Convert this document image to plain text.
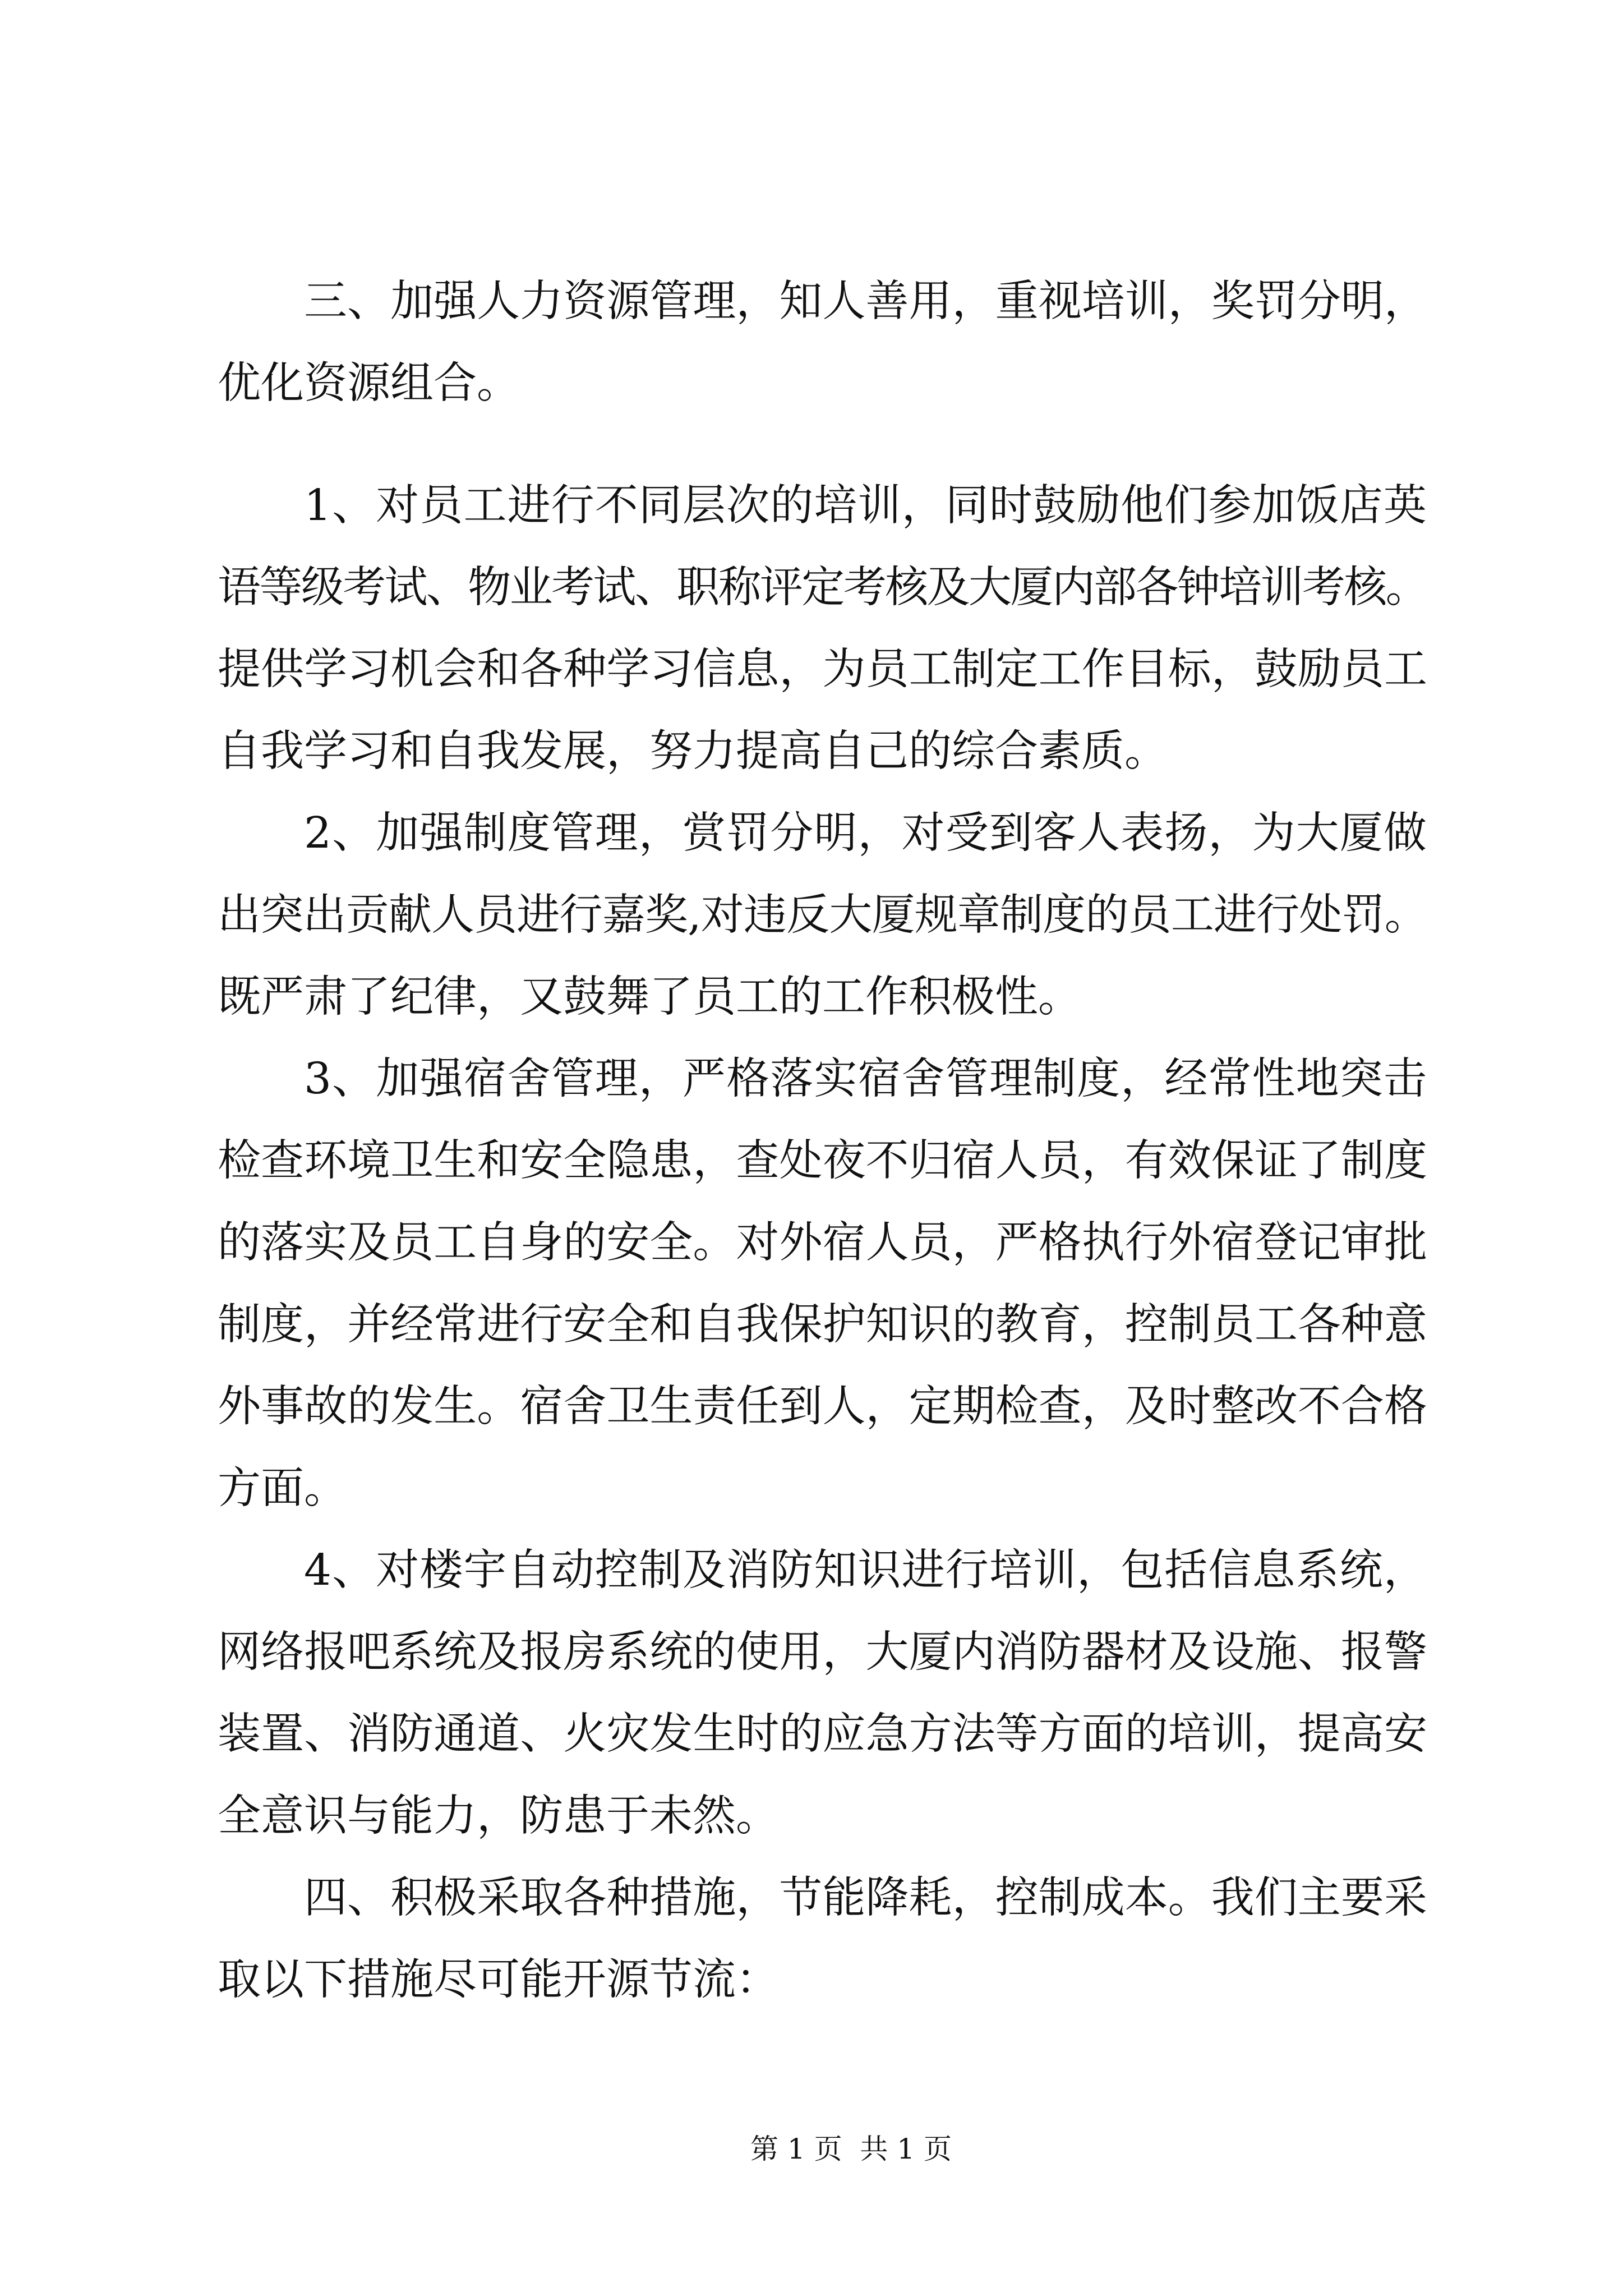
三、加强人力资源管理，知人善用，重视培训，奖罚分明，
优化资源组合。
1、对员工进行不同层次的培训，同时鼓励他们参加饭店英
语等级考试、物业考试、职称评定考核及大厦内部各钟培训考核。
提供学习机会和各种学习信息，为员工制定工作目标，鼓励员工
自我学习和自我发展，努力提高自己的综合素质。
2、加强制度管理，赏罚分明，对受到客人表扬，为大厦做
出突出贡献人员进行嘉奖,对违反大厦规章制度的员工进行处罚。
既严肃了纪律，又鼓舞了员工的工作积极性。
3、加强宿舍管理，严格落实宿舍管理制度，经常性地突击
检查环境卫生和安全隐患，查处夜不归宿人员，有效保证了制度
的落实及员工自身的安全。对外宿人员，严格执行外宿登记审批
制度，并经常进行安全和自我保护知识的教育，控制员工各种意
外事故的发生。宿舍卫生责任到人，定期检查，及时整改不合格
方面。
4、对楼宇自动控制及消防知识进行培训，包括信息系统，
网络报吧系统及报房系统的使用，大厦内消防器材及设施、报警
装置、消防通道、火灾发生时的应急方法等方面的培训，提高安
全意识与能力，防患于未然。
四、积极采取各种措施，节能降耗，控制成本。我们主要采
取以下措施尽可能开源节流：
第 1 页  共 1 页
